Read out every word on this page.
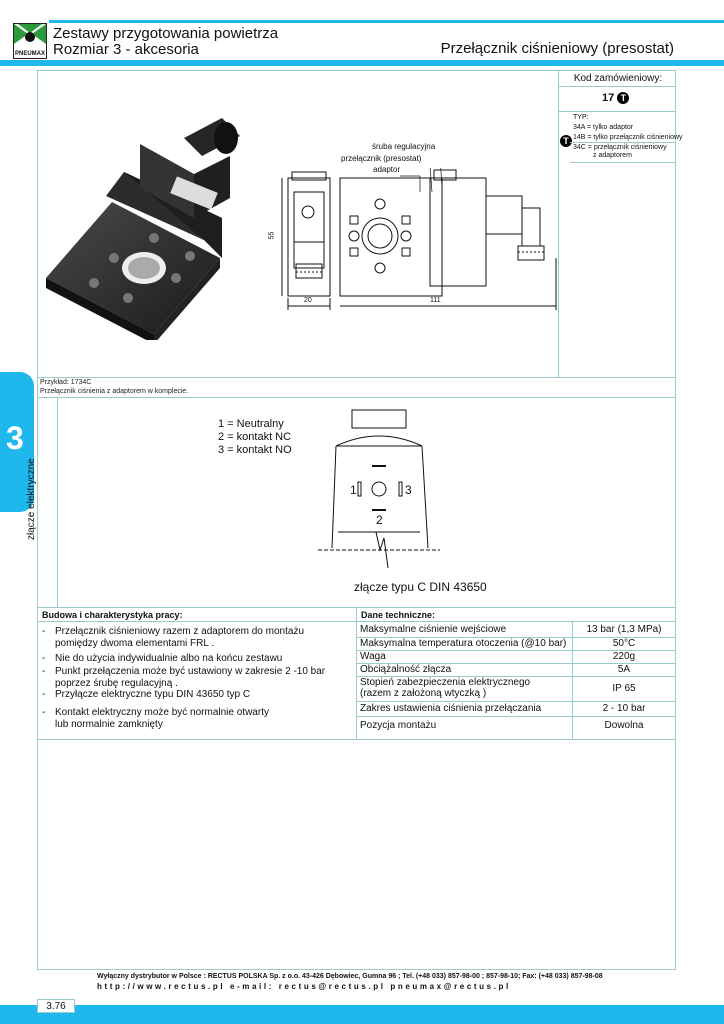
PNEUMAX
Zestawy przygotowania powietrza
Rozmiar 3 - akcesoria	Przełącznik ciśnieniowy (presostat)
3
Kod zamówieniowy:
17 T
T
TYP:
34A = tylko adaptor
14B = tylko przełącznik ciśnieniowy
34C = przełącznik ciśnieniowy
z adaptorem
śruba regulacyjna
przełącznik (presostat)
adaptor
55
20	111
Przykład: 1734C
Przełącznik ciśnienia z adaptorem w komplecie.
złącze elektryczne
1 = Neutralny
2 = kontakt NC
3 = kontakt NO
1
2
3
złącze typu C DIN 43650
Budowa i charakterystyka pracy:
- Przełącznik ciśnieniowy razem z adaptorem do montażu
pomiędzy dwoma elementami FRL .
- Nie do użycia indywidualnie albo na końcu zestawu
- Punkt przełączenia może być ustawiony w zakresie 2 -10 bar
poprzez śrubę regulacyjną .
- Przyłącze elektryczne typu DIN 43650 typ C
- Kontakt elektryczny może być normalnie otwarty
lub normalnie zamknięty
Dane techniczne:
Maksymalne ciśnienie wejściowe	13 bar (1,3 MPa)
Maksymalna temperatura otoczenia (@10 bar)	50°C
Waga	220g
Obciążalność złącza	5A
Stopień zabezpieczenia elektrycznego
(razem z założoną wtyczką )	IP 65
Zakres ustawienia ciśnienia przełączania	2 - 10 bar
Pozycja montażu	Dowolna
Wyłączny dystrybutor w Polsce : RECTUS POLSKA Sp. z o.o. 43-426 Dębowiec, Gumna 96 ; Tel. (+48 033) 857-98-00 ; 857-98-10; Fax: (+48 033) 857-98-08
http://www.rectus.pl e-mail: rectus@rectus.pl pneumax@rectus.pl
3.76
